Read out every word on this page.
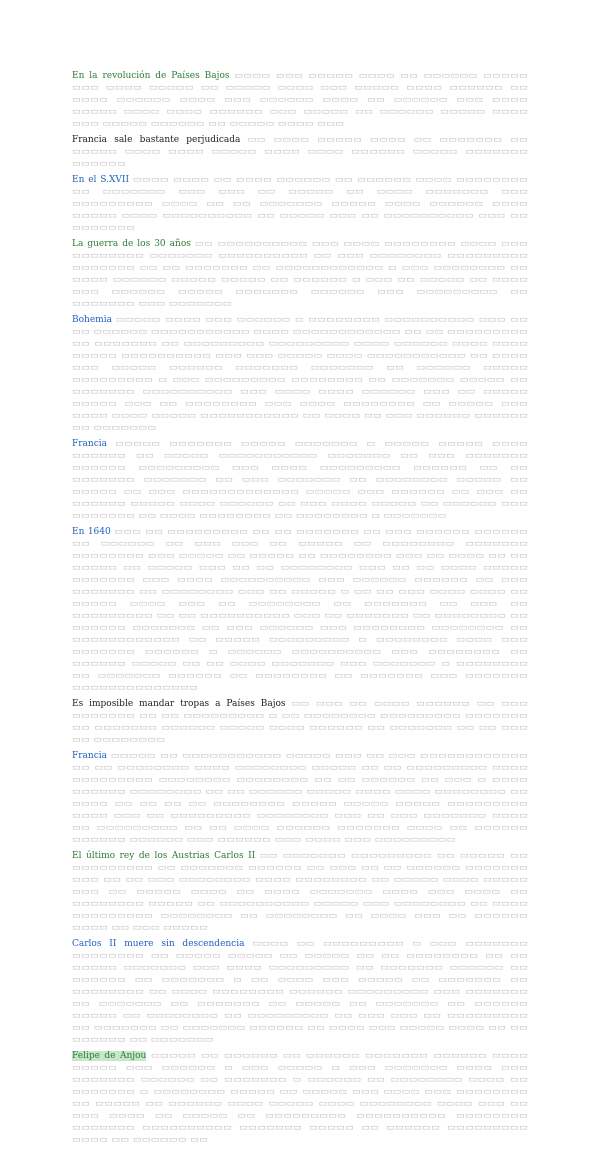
En la revolución de Países Bajos ▭▭▭▭ ▭▭▭ ▭▭▭▭▭ ▭▭▭▭ ▭▭ ▭▭▭▭▭▭ ▭▭▭▭▭ ▭▭▭ ▭▭▭▭ ▭▭▭▭▭ ▭▭ ▭▭▭▭▭ ▭▭▭▭ ▭▭▭ ▭▭▭▭▭ ▭▭▭▭ ▭▭▭▭▭▭ ▭▭ ▭▭▭▭ ▭▭▭▭▭▭ ▭▭▭▭ ▭▭▭ ▭▭▭▭▭▭ ▭▭▭▭ ▭▭ ▭▭▭▭▭▭ ▭▭▭ ▭▭▭▭ ▭▭▭▭▭ ▭▭▭▭ ▭▭▭▭ ▭▭▭▭▭▭ ▭▭▭ ▭▭▭▭▭ ▭▭ ▭▭▭▭▭▭ ▭▭▭▭▭ ▭▭▭▭ ▭▭▭ ▭▭▭▭▭ ▭▭▭▭▭▭ ▭▭ ▭▭▭▭▭ ▭▭▭▭ ▭▭▭

Francia sale bastante perjudicada ▭▭ ▭▭▭▭ ▭▭▭▭▭ ▭▭▭▭ ▭▭ ▭▭▭▭▭▭▭ ▭▭ ▭▭▭▭▭ ▭▭▭▭ ▭▭▭▭ ▭▭▭▭▭ ▭▭▭▭ ▭▭▭▭ ▭▭▭▭▭▭ ▭▭▭▭▭ ▭▭▭▭▭▭▭ ▭▭▭▭▭▭

En el S.XVII ▭▭▭▭ ▭▭▭▭ ▭▭ ▭▭▭▭ ▭▭▭▭▭▭ ▭▭ ▭▭▭▭▭▭ ▭▭▭▭ ▭▭▭▭▭▭▭▭ ▭▭ ▭▭▭▭▭▭▭ ▭▭▭ ▭▭▭ ▭▭ ▭▭▭▭▭ ▭▭ ▭▭▭▭ ▭▭▭▭▭▭▭ ▭▭▭ ▭▭▭▭▭▭▭▭▭ ▭▭▭▭ ▭▭ ▭▭ ▭▭▭▭▭▭▭ ▭▭▭▭▭ ▭▭▭▭ ▭▭▭▭▭▭ ▭▭▭▭ ▭▭▭▭▭ ▭▭▭▭ ▭▭▭▭▭▭▭▭▭▭ ▭▭ ▭▭▭▭▭ ▭▭▭ ▭▭ ▭▭▭▭▭▭▭▭▭▭ ▭▭▭ ▭▭ ▭▭▭▭▭▭▭

La guerra de los 30 años ▭▭ ▭▭▭▭▭▭▭▭▭▭ ▭▭▭ ▭▭▭▭ ▭▭▭▭▭▭▭▭ ▭▭▭▭ ▭▭▭ ▭▭▭▭▭▭▭▭ ▭▭▭▭▭▭▭ ▭▭▭▭▭▭▭▭▭▭ ▭▭ ▭▭▭ ▭▭▭▭▭▭▭▭ ▭▭▭▭▭▭▭▭▭ ▭▭▭▭▭▭▭ ▭▭ ▭▭ ▭▭▭▭▭▭▭ ▭▭ ▭▭▭▭▭▭▭▭▭▭▭▭ ▭ ▭▭▭ ▭▭▭▭▭▭▭▭ ▭▭ ▭▭▭▭ ▭▭▭▭▭▭ ▭▭▭▭▭ ▭▭▭▭▭ ▭▭ ▭▭▭▭▭▭ ▭ ▭▭▭ ▭▭ ▭▭▭▭▭ ▭▭ ▭▭▭▭ ▭▭▭ ▭▭▭▭▭▭ ▭▭▭▭▭ ▭▭▭▭▭▭▭ ▭▭▭▭▭▭ ▭▭▭ ▭▭▭▭▭▭▭▭▭ ▭▭ ▭▭▭▭▭▭▭ ▭▭▭ ▭▭▭▭▭▭▭

Bohemia ▭▭▭▭▭ ▭▭▭▭ ▭▭▭ ▭▭▭▭▭▭ ▭ ▭▭▭▭▭▭▭▭ ▭▭▭▭▭▭▭▭▭▭ ▭▭▭ ▭▭ ▭▭ ▭▭▭▭▭▭ ▭▭▭▭▭▭▭▭▭▭▭ ▭▭▭▭ ▭▭▭▭▭▭▭▭▭▭▭▭ ▭▭ ▭▭ ▭▭▭▭▭▭▭▭▭ ▭▭ ▭▭▭▭▭▭▭ ▭▭ ▭▭▭▭▭▭▭▭▭ ▭▭▭▭▭▭▭▭▭ ▭▭▭▭ ▭▭▭▭▭▭ ▭▭▭▭ ▭▭▭▭ ▭▭▭▭▭ ▭▭▭▭▭▭▭▭▭▭ ▭▭▭ ▭▭▭ ▭▭▭▭▭ ▭▭▭▭ ▭▭▭▭▭▭▭▭▭▭▭ ▭▭ ▭▭▭▭ ▭▭▭ ▭▭▭▭▭ ▭▭▭▭▭▭ ▭▭▭▭▭▭▭ ▭▭▭▭▭▭▭ ▭▭ ▭▭▭▭▭▭ ▭▭▭▭▭ ▭▭▭▭▭▭▭▭▭ ▭ ▭▭▭ ▭▭▭▭▭▭▭▭▭ ▭▭▭▭▭▭▭▭ ▭▭ ▭▭▭▭▭▭▭ ▭▭▭▭▭ ▭▭ ▭▭▭▭▭▭▭ ▭▭▭▭▭▭▭▭▭▭ ▭▭▭ ▭▭▭▭ ▭▭▭▭ ▭▭▭▭▭▭ ▭▭▭ ▭▭ ▭▭▭▭▭ ▭▭▭▭▭ ▭▭▭ ▭▭ ▭▭▭▭▭▭▭▭ ▭▭▭ ▭▭▭▭ ▭▭▭▭▭▭▭▭ ▭▭ ▭▭▭▭▭ ▭▭▭ ▭▭▭▭ ▭▭▭▭ ▭▭▭▭▭ ▭▭▭▭▭▭▭▭▭▭▭ ▭▭ ▭▭▭▭ ▭▭ ▭▭▭ ▭▭▭▭▭▭ ▭▭▭▭▭▭ ▭▭ ▭▭▭▭▭▭▭

Francia ▭▭▭▭▭ ▭▭▭▭▭▭▭ ▭▭▭▭▭ ▭▭▭▭▭▭▭ ▭ ▭▭▭▭▭ ▭▭▭▭▭ ▭▭▭▭ ▭▭▭▭▭▭ ▭▭ ▭▭▭▭▭ ▭▭▭▭▭▭▭▭▭▭▭ ▭▭▭▭▭▭▭ ▭▭ ▭▭▭ ▭▭▭▭▭▭▭ ▭▭▭▭▭▭ ▭▭▭▭▭▭▭▭▭ ▭▭▭ ▭▭▭▭ ▭▭▭▭▭▭▭▭▭ ▭▭▭▭▭▭ ▭▭ ▭▭ ▭▭▭▭▭▭▭ ▭▭▭▭▭▭▭ ▭▭ ▭▭▭ ▭▭▭▭▭▭▭ ▭▭ ▭▭▭▭▭▭▭▭ ▭▭▭▭▭ ▭▭ ▭▭▭▭▭ ▭▭ ▭▭▭ ▭▭▭▭▭▭▭▭▭▭▭▭▭ ▭▭▭▭▭ ▭▭▭ ▭▭▭▭▭▭ ▭▭ ▭▭▭ ▭▭ ▭▭▭▭▭▭ ▭▭▭▭▭ ▭▭▭▭ ▭▭▭▭▭▭ ▭▭ ▭▭▭ ▭▭▭▭ ▭▭▭▭▭ ▭▭ ▭▭▭▭▭▭ ▭▭▭ ▭▭▭▭▭▭▭ ▭▭ ▭▭▭▭ ▭▭▭▭▭▭▭▭ ▭▭ ▭▭▭▭▭▭▭▭ ▭ ▭▭▭▭▭▭▭

En 1640 ▭▭▭ ▭▭ ▭▭▭▭▭▭▭▭▭ ▭▭ ▭▭ ▭▭▭▭▭▭▭ ▭▭ ▭▭▭ ▭▭▭▭▭▭ ▭▭▭▭▭▭ ▭▭ ▭▭▭▭▭▭ ▭▭ ▭▭▭ ▭▭▭ ▭▭ ▭▭▭▭▭ ▭▭ ▭▭▭▭▭▭▭▭ ▭▭▭▭▭▭▭ ▭▭▭▭▭▭▭▭ ▭▭▭ ▭▭▭▭▭ ▭▭ ▭▭▭▭▭ ▭▭ ▭▭▭▭▭▭▭▭ ▭▭▭ ▭▭ ▭▭▭▭ ▭▭ ▭▭ ▭▭▭▭▭ ▭▭ ▭▭▭▭▭ ▭▭▭ ▭▭ ▭▭ ▭▭▭▭▭▭▭▭ ▭▭▭ ▭▭ ▭▭ ▭▭▭▭ ▭▭▭▭▭ ▭▭▭▭▭▭▭ ▭▭▭ ▭▭▭▭ ▭▭▭▭▭▭▭▭▭▭ ▭▭▭ ▭▭▭▭▭▭ ▭▭▭▭▭▭ ▭▭ ▭▭▭ ▭▭▭▭▭▭▭ ▭▭ ▭▭▭▭▭▭▭▭ ▭▭▭ ▭▭ ▭▭▭▭▭ ▭ ▭▭ ▭▭ ▭▭▭ ▭▭▭▭ ▭▭▭▭ ▭▭ ▭▭▭▭▭ ▭▭▭▭ ▭▭▭ ▭▭ ▭▭▭▭▭▭▭▭ ▭▭ ▭▭▭▭▭▭▭ ▭▭ ▭▭▭ ▭▭ ▭▭▭▭▭▭▭▭▭ ▭▭ ▭▭ ▭▭▭▭▭▭▭▭▭▭ ▭▭▭ ▭▭ ▭▭▭▭▭▭▭ ▭▭ ▭▭▭▭▭▭▭▭ ▭▭ ▭▭▭▭▭▭ ▭▭▭▭▭▭▭ ▭▭ ▭▭▭ ▭▭▭▭▭▭ ▭▭▭ ▭▭▭▭▭▭▭▭ ▭▭▭▭▭▭▭▭ ▭▭ ▭▭▭▭▭▭▭▭▭▭▭▭ ▭▭ ▭▭▭▭▭ ▭▭▭▭▭▭▭▭▭ ▭ ▭▭▭▭▭▭▭▭ ▭▭▭▭ ▭▭▭ ▭▭▭▭▭▭▭ ▭▭▭▭▭▭ ▭ ▭▭▭▭▭▭ ▭▭▭▭▭▭▭▭▭▭ ▭▭▭ ▭▭▭▭▭▭▭▭ ▭▭ ▭▭▭▭▭▭ ▭▭▭▭▭ ▭▭ ▭▭ ▭▭▭▭ ▭▭▭▭▭▭▭ ▭▭▭ ▭▭▭▭▭▭▭ ▭ ▭▭▭▭▭▭▭▭ ▭▭ ▭▭▭▭▭▭▭ ▭▭▭▭▭▭ ▭▭ ▭▭▭▭▭▭▭▭ ▭▭ ▭▭▭▭▭▭▭ ▭▭▭ ▭▭▭▭▭▭▭ ▭▭▭▭▭▭▭▭▭▭▭▭▭▭

Es imposible mandar tropas a Países Bajos ▭▭ ▭▭▭ ▭▭ ▭▭▭▭ ▭▭▭▭▭▭ ▭▭ ▭▭▭ ▭▭▭▭▭▭▭ ▭▭ ▭▭ ▭▭▭▭▭▭▭▭▭ ▭ ▭▭ ▭▭▭▭▭▭▭▭ ▭▭▭▭▭▭▭▭▭ ▭▭▭▭▭▭▭ ▭▭ ▭▭▭▭▭▭▭ ▭▭▭▭▭▭ ▭▭▭▭▭ ▭▭▭▭ ▭▭▭▭▭▭ ▭▭ ▭▭▭▭▭▭▭ ▭▭ ▭▭ ▭▭▭ ▭▭ ▭▭▭▭▭▭▭▭

Francia ▭▭▭▭▭ ▭▭ ▭▭▭▭▭▭▭▭▭▭▭ ▭▭▭▭▭ ▭▭▭ ▭▭ ▭▭▭ ▭▭▭▭▭▭▭▭▭▭▭▭ ▭▭ ▭▭ ▭▭▭▭▭▭▭▭ ▭▭▭▭ ▭▭▭▭▭▭▭▭ ▭▭▭▭▭ ▭▭ ▭▭ ▭▭▭▭▭▭▭▭▭ ▭▭▭▭ ▭▭▭▭▭▭▭▭▭ ▭▭▭▭▭▭▭▭ ▭▭▭▭▭▭▭▭ ▭▭ ▭▭ ▭▭▭▭▭▭ ▭▭ ▭▭▭ ▭ ▭▭▭▭ ▭▭▭▭▭▭ ▭▭▭▭▭▭▭▭ ▭▭ ▭▭ ▭▭▭▭▭▭ ▭▭▭▭▭ ▭▭▭▭ ▭▭▭▭ ▭▭▭▭▭▭▭▭ ▭▭ ▭▭▭▭ ▭▭ ▭▭ ▭▭ ▭▭ ▭▭▭▭▭▭▭▭ ▭▭▭▭▭ ▭▭▭▭▭ ▭▭▭▭▭ ▭▭▭▭▭▭▭▭▭ ▭▭▭▭ ▭▭▭ ▭▭ ▭▭▭▭▭▭▭▭▭ ▭▭▭▭▭▭▭▭ ▭▭▭ ▭▭ ▭▭▭ ▭▭▭▭▭▭▭ ▭▭▭▭ ▭▭ ▭▭▭▭▭▭▭▭▭ ▭▭ ▭▭ ▭▭▭▭ ▭▭▭▭▭▭ ▭▭▭▭▭▭▭ ▭▭▭▭ ▭▭ ▭▭▭▭▭▭ ▭▭▭▭▭▭ ▭▭▭▭▭▭ ▭▭▭ ▭▭▭▭▭▭ ▭▭▭ ▭▭▭▭ ▭▭▭ ▭▭▭▭▭▭▭▭▭

El último rey de los Austrias Carlos II ▭▭ ▭▭▭▭▭▭▭ ▭▭▭▭▭▭▭▭▭ ▭▭ ▭▭▭▭▭ ▭▭ ▭▭▭▭▭▭▭▭▭ ▭▭ ▭▭▭▭▭▭▭ ▭▭▭▭▭▭ ▭▭ ▭▭▭ ▭▭ ▭▭ ▭▭▭▭▭▭ ▭▭▭▭▭▭▭ ▭▭▭ ▭▭ ▭▭ ▭▭▭ ▭▭▭▭▭▭▭▭ ▭▭▭▭ ▭▭▭▭▭▭▭▭ ▭▭ ▭▭▭▭▭ ▭▭▭▭ ▭▭▭▭▭ ▭▭▭ ▭▭ ▭▭▭▭▭ ▭▭▭▭ ▭▭ ▭▭▭▭ ▭▭▭▭▭▭▭ ▭▭▭▭ ▭▭▭ ▭▭▭▭ ▭▭ ▭▭▭▭▭▭▭▭ ▭▭▭▭▭ ▭▭ ▭▭▭▭▭▭▭▭▭▭ ▭▭▭▭▭ ▭▭▭ ▭▭▭▭▭▭▭▭ ▭▭ ▭▭▭▭ ▭▭▭▭▭▭▭▭▭ ▭▭▭▭▭▭▭▭ ▭▭ ▭▭▭▭▭▭▭▭ ▭▭ ▭▭▭▭ ▭▭▭ ▭▭ ▭▭▭▭▭▭ ▭▭▭▭ ▭▭ ▭▭▭ ▭▭▭▭▭

Carlos II muere sin descendencia ▭▭▭▭ ▭▭ ▭▭▭▭▭▭▭▭▭ ▭ ▭▭▭ ▭▭▭▭▭▭▭ ▭▭▭▭▭▭▭▭ ▭▭ ▭▭▭▭▭ ▭▭▭▭▭ ▭▭ ▭▭▭▭▭ ▭▭ ▭▭ ▭▭▭▭▭▭▭▭ ▭▭ ▭▭ ▭▭▭▭▭ ▭▭▭▭▭▭▭ ▭▭▭ ▭▭▭▭ ▭▭▭▭▭▭▭▭▭ ▭▭ ▭▭▭▭▭▭▭ ▭▭▭▭▭▭ ▭▭ ▭▭▭▭▭▭ ▭▭ ▭▭▭▭▭▭▭ ▭ ▭▭ ▭▭▭▭ ▭▭▭ ▭▭▭▭▭ ▭▭ ▭▭▭▭▭▭▭ ▭▭ ▭▭▭▭▭▭▭▭ ▭▭ ▭▭▭▭ ▭▭▭▭▭▭▭▭ ▭▭▭▭▭▭ ▭▭▭▭▭▭▭▭▭ ▭▭▭ ▭▭▭▭▭▭▭ ▭▭ ▭▭▭▭▭▭▭ ▭▭ ▭▭▭▭▭▭▭ ▭▭ ▭▭▭▭▭ ▭▭ ▭▭▭▭▭▭▭ ▭▭ ▭▭▭▭▭▭ ▭▭▭▭▭ ▭▭ ▭▭▭▭▭▭▭▭ ▭▭ ▭▭▭▭▭▭▭▭▭ ▭▭ ▭▭▭ ▭▭▭ ▭▭ ▭▭▭▭▭▭▭▭▭ ▭▭ ▭▭▭▭▭▭▭ ▭▭ ▭▭▭▭▭▭▭ ▭▭▭▭▭▭ ▭▭ ▭▭▭▭ ▭▭▭ ▭▭▭▭▭ ▭▭▭▭ ▭▭ ▭▭ ▭▭▭▭▭▭ ▭▭ ▭▭▭▭▭▭▭

Felipe de Anjou ▭▭▭▭▭ ▭▭ ▭▭▭▭▭▭ ▭▭ ▭▭▭▭▭▭ ▭▭▭▭▭▭▭ ▭▭▭▭▭▭ ▭▭▭▭ ▭▭▭▭▭ ▭▭▭ ▭▭▭▭▭▭ ▭ ▭▭▭ ▭▭▭▭▭ ▭ ▭▭▭ ▭▭▭▭▭▭▭ ▭▭▭▭ ▭▭▭ ▭▭▭▭▭▭▭ ▭▭▭▭▭▭ ▭▭ ▭▭▭▭▭▭▭ ▭ ▭▭▭▭▭▭ ▭▭ ▭▭▭▭▭▭▭▭ ▭▭▭▭ ▭▭ ▭▭▭▭▭▭▭ ▭ ▭▭▭▭▭▭▭▭ ▭▭▭▭▭ ▭▭ ▭▭▭▭▭ ▭▭▭ ▭▭▭▭ ▭▭▭ ▭▭▭▭▭▭▭▭ ▭▭ ▭▭▭▭▭ ▭▭ ▭▭▭▭▭▭ ▭▭▭▭ ▭▭▭▭▭ ▭▭▭▭ ▭▭▭▭▭▭▭▭ ▭▭▭▭ ▭▭▭ ▭▭ ▭▭▭ ▭▭▭▭ ▭▭ ▭▭▭▭▭ ▭▭ ▭▭▭▭▭▭▭▭▭ ▭▭▭▭▭▭▭▭▭▭ ▭▭▭▭▭▭▭▭ ▭▭▭▭▭▭▭ ▭▭▭▭▭▭▭▭▭▭ ▭▭▭▭▭▭▭ ▭▭▭▭▭ ▭▭ ▭▭▭▭▭▭ ▭▭▭▭▭▭▭▭▭ ▭▭▭▭ ▭▭ ▭▭▭▭▭▭ ▭▭
